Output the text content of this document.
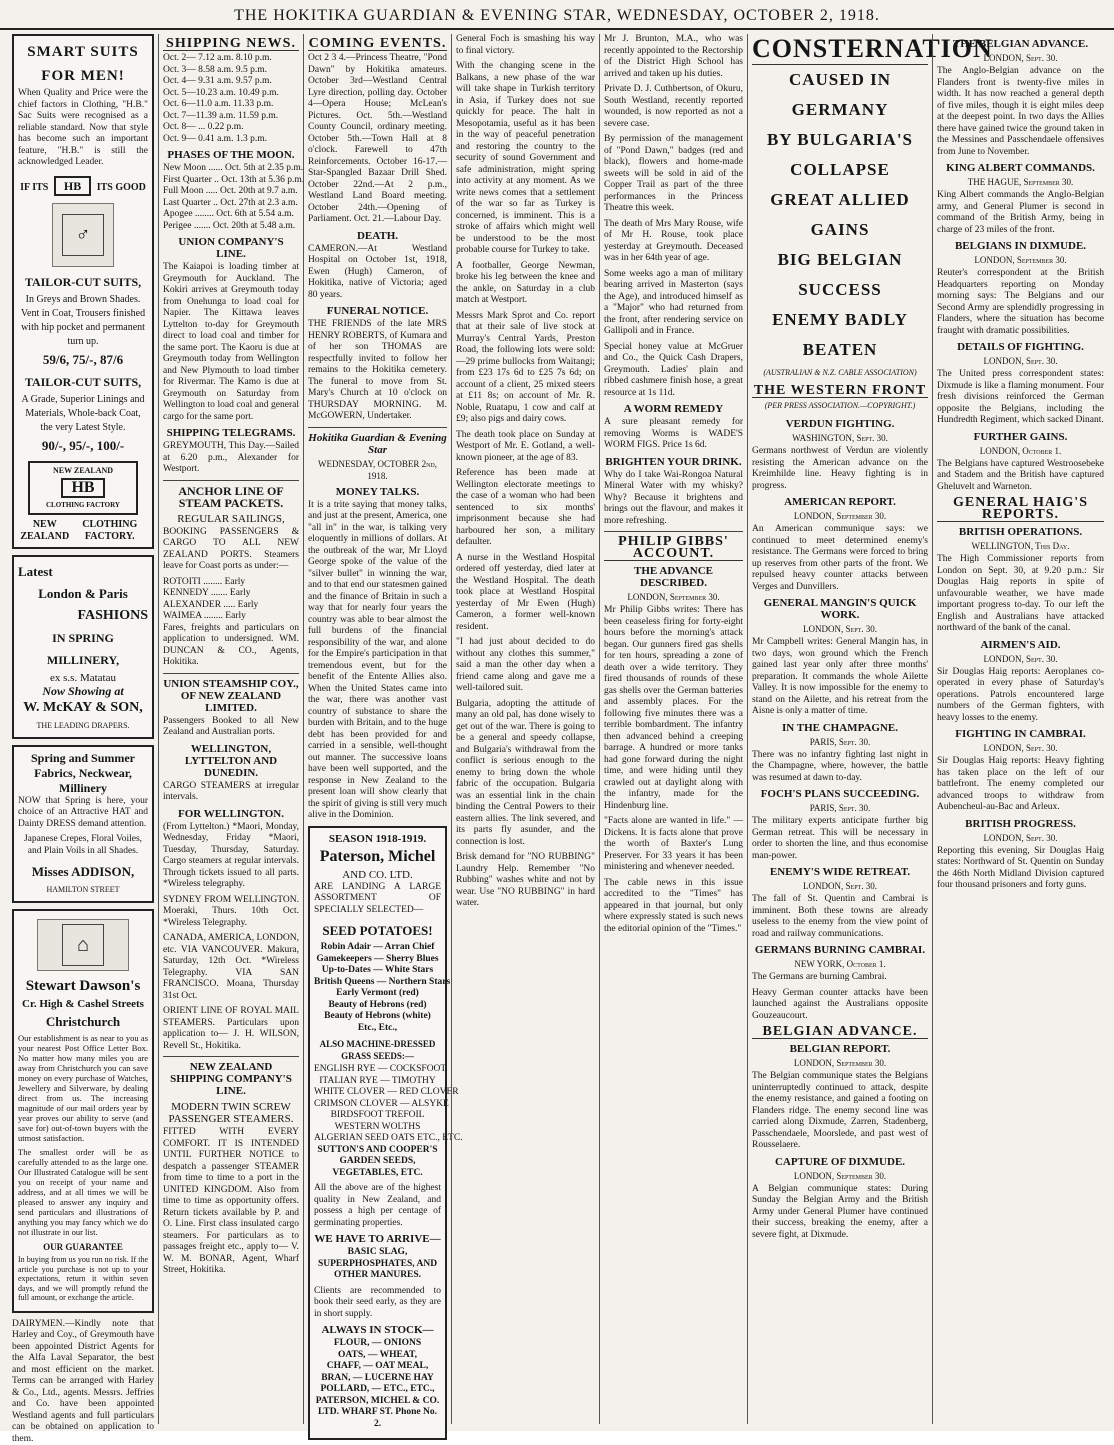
THE HOKITIKA GUARDIAN & EVENING STAR, WEDNESDAY, OCTOBER 2, 1918.
SMART SUITS FOR MEN!
When Quality and Price were the chief factors in Clothing, "H.B." Sac Suits were recognised as a reliable standard. Now that style has become such an important feature, "H.B." is still the acknowledged Leader.
IF ITS HB ITS GOOD
♂
TAILOR-CUT SUITS,
In Greys and Brown Shades. Vent in Coat, Trousers finished with hip pocket and permanent turn up.
59/6, 75/-, 87/6
TAILOR-CUT SUITS,
A Grade, Superior Linings and Materials, Whole-back Coat, the very Latest Style.
90/-, 95/-, 100/-
NEW ZEALAND
HB
CLOTHING FACTORY
NEW ZEALAND
CLOTHING FACTORY.
Latest
London & Paris
FASHIONS
IN SPRING MILLINERY,
ex s.s. Matatau
Now Showing at
W. McKAY & SON,
THE LEADING DRAPERS.
Spring and Summer Fabrics, Neckwear, Millinery
NOW that Spring is here, your choice of an Attractive HAT and Dainty DRESS demand attention.
Japanese Crepes, Floral Voiles, and Plain Voils in all Shades.
Misses ADDISON,
HAMILTON STREET
⌂
Stewart Dawson's
Cr. High & Cashel Streets
Christchurch
Our establishment is as near to you as your nearest Post Office Letter Box. No matter how many miles you are away from Christchurch you can save money on every purchase of Watches, Jewellery and Silverware, by dealing direct from us. The increasing magnitude of our mail orders year by year proves our ability to serve (and save for) out-of-town buyers with the utmost satisfaction.
The smallest order will be as carefully attended to as the large one. Our Illustrated Catalogue will be sent you on receipt of your name and address, and at all times we will be pleased to answer any inquiry and send particulars and illustrations of anything you may fancy which we do not illustrate in our list.
OUR GUARANTEE
In buying from us you run no risk. If the article you purchase is not up to your expectations, return it within seven days, and we will promptly refund the full amount, or exchange the article.
DAIRYMEN.—Kindly note that Harley and Coy., of Greymouth have been appointed District Agents for the Alfa Laval Separator, the best and most efficient on the market. Terms can be arranged with Harley & Co., Ltd., agents. Messrs. Jeffries and Co. have been appointed Westland agents and full particulars can be obtained on application to them.
SHIPPING NEWS.
Oct. 2— 7.12 a.m. 8.10 p.m.
Oct. 3— 8.58 a.m. 9.5 p.m.
Oct. 4— 9.31 a.m. 9.57 p.m.
Oct. 5—10.23 a.m. 10.49 p.m.
Oct. 6—11.0 a.m. 11.33 p.m.
Oct. 7—11.39 a.m. 11.59 p.m.
Oct. 8— ... 0.22 p.m.
Oct. 9— 0.41 a.m. 1.3 p.m.
PHASES OF THE MOON.
New Moon ...... Oct. 5th at 2.35 p.m.
First Quarter .. Oct. 13th at 5.36 p.m.
Full Moon ..... Oct. 20th at 9.7 a.m.
Last Quarter .. Oct. 27th at 2.3 a.m.
Apogee ........ Oct. 6th at 5.54 a.m.
Perigee ....... Oct. 20th at 5.48 a.m.
UNION COMPANY'S LINE.
The Kaiapoi is loading timber at Greymouth for Auckland. The Kokiri arrives at Greymouth today from Onehunga to load coal for Napier. The Kittawa leaves Lyttelton to-day for Greymouth direct to load coal and timber for the same port. The Kaoru is due at Greymouth today from Wellington and New Plymouth to load timber for Rivermar. The Kamo is due at Greymouth on Saturday from Wellington to load coal and general cargo for the same port.
SHIPPING TELEGRAMS.
GREYMOUTH, This Day.—Sailed at 6.20 p.m., Alexander for Westport.
ANCHOR LINE OF STEAM PACKETS.
REGULAR SAILINGS,
BOOKING PASSENGERS & CARGO TO ALL NEW ZEALAND PORTS. Steamers leave for Coast ports as under:—
ROTOITI ........ Early
KENNEDY ....... Early
ALEXANDER ..... Early
WAIMEA ........ Early
Fares, freights and particulars on application to undersigned. WM. DUNCAN & CO., Agents, Hokitika.
UNION STEAMSHIP COY., OF NEW ZEALAND LIMITED.
Passengers Booked to all New Zealand and Australian ports.
WELLINGTON, LYTTELTON AND DUNEDIN.
CARGO STEAMERS at irregular intervals.
FOR WELLINGTON.
(From Lyttelton.) *Maori, Monday, Wednesday, Friday *Maori, Tuesday, Thursday, Saturday. Cargo steamers at regular intervals. Through tickets issued to all parts. *Wireless telegraphy.
SYDNEY FROM WELLINGTON. Moeraki, Thurs. 10th Oct. *Wireless Telegraphy.
CANADA, AMERICA, LONDON, etc. VIA VANCOUVER. Makura, Saturday, 12th Oct. *Wireless Telegraphy. VIA SAN FRANCISCO. Moana, Thursday 31st Oct.
ORIENT LINE OF ROYAL MAIL STEAMERS. Particulars upon application to— J. H. WILSON, Revell St., Hokitika.
NEW ZEALAND SHIPPING COMPANY'S LINE.
MODERN TWIN SCREW PASSENGER STEAMERS.
FITTED WITH EVERY COMFORT. IT IS INTENDED UNTIL FURTHER NOTICE to despatch a passenger STEAMER from time to time to a port in the UNITED KINGDOM. Also from time to time as opportunity offers. Return tickets available by P. and O. Line. First class insulated cargo steamers. For particulars as to passages freight etc., apply to— V. W. M. BONAR, Agent, Wharf Street, Hokitika.
COMING EVENTS.
Oct 2 3 4.—Princess Theatre, "Pond Dawn" by Hokitika amateurs. October 3rd—Westland Central Lyre direction, polling day. October 4—Opera House; McLean's Pictures. Oct. 5th.—Westland County Council, ordinary meeting. October 5th.—Town Hall at 8 o'clock. Farewell to 47th Reinforcements. October 16-17.—Star-Spangled Bazaar Drill Shed. October 22nd.—At 2 p.m., Westland Land Board meeting. October 24th.—Opening of Parliament. Oct. 21.—Labour Day.
DEATH.
CAMERON.—At Westland Hospital on October 1st, 1918, Ewen (Hugh) Cameron, of Hokitika, native of Victoria; aged 80 years.
FUNERAL NOTICE.
THE FRIENDS of the late MRS HENRY ROBERTS, of Kumara and of her son THOMAS are respectfully invited to follow her remains to the Hokitika cemetery. The funeral to move from St. Mary's Church at 10 o'clock on THURSDAY MORNING. M. McGOWERN, Undertaker.
Hokitika Guardian & Evening Star
WEDNESDAY, OCTOBER 2nd, 1918.
MONEY TALKS.
It is a trite saying that money talks, and just at the present, America, one "all in" in the war, is talking very eloquently in millions of dollars. At the outbreak of the war, Mr Lloyd George spoke of the value of the "silver bullet" in winning the war, and to that end our statesmen gained and the finance of Britain in such a way that for nearly four years the country was able to bear almost the full burdens of the financial responsibility of the war, and alone for the Empire's participation in that tremendous event, but for the benefit of the Entente Allies also. When the United States came into the war, there was another vast country of substance to share the burden with Britain, and to the huge debt has been provided for and carried in a sensible, well-thought out manner. The successive loans have been well supported, and the response in New Zealand to the present loan will show clearly that the spirit of giving is still very much alive in the Dominion.
SEASON 1918-1919.
Paterson, Michel
AND CO. LTD.
ARE LANDING A LARGE ASSORTMENT OF SPECIALLY SELECTED—
SEED POTATOES!
Robin Adair — Arran Chief
Gamekeepers — Sherry Blues
Up-to-Dates — White Stars
British Queens — Northern Stars
Early Vermont (red)
Beauty of Hebrons (red)
Beauty of Hebrons (white)
Etc., Etc.,
ALSO MACHINE-DRESSED GRASS SEEDS:—
ENGLISH RYE — COCKSFOOT
ITALIAN RYE — TIMOTHY
WHITE CLOVER — RED CLOVER
CRIMSON CLOVER — ALSYKE
BIRDSFOOT TREFOIL
WESTERN WOLTHS
ALGERIAN SEED OATS ETC., ETC.
SUTTON'S AND COOPER'S GARDEN SEEDS, VEGETABLES, ETC.
All the above are of the highest quality in New Zealand, and possess a high per centage of germinating properties.
WE HAVE TO ARRIVE—
BASIC SLAG, SUPERPHOSPHATES, AND OTHER MANURES.
Clients are recommended to book their seed early, as they are in short supply.
ALWAYS IN STOCK—
FLOUR, — ONIONS
OATS, — WHEAT,
CHAFF, — OAT MEAL,
BRAN, — LUCERNE HAY
POLLARD, — ETC., ETC.,
PATERSON, MICHEL & CO. LTD. WHARF ST. Phone No. 2.
General Foch is smashing his way to final victory.
With the changing scene in the Balkans, a new phase of the war will take shape in Turkish territory in Asia, if Turkey does not sue quickly for peace. The halt in Mesopotamia, useful as it has been in the way of peaceful penetration and restoring the country to the security of sound Government and safe administration, might spring into activity at any moment. As we write news comes that a settlement of the war so far as Turkey is concerned, is imminent. This is a stroke of affairs which might well be understood to be the most probable course for Turkey to take.
A footballer, George Newman, broke his leg between the knee and the ankle, on Saturday in a club match at Westport.
Messrs Mark Sprot and Co. report that at their sale of live stock at Murray's Central Yards, Preston Road, the following lots were sold:—29 prime bullocks from Waitangi; from £23 17s 6d to £25 7s 6d; on account of a client, 25 mixed steers at £11 8s; on account of Mr. R. Noble, Ruatapu, 1 cow and calf at £9; also pigs and dairy cows.
The death took place on Sunday at Westport of Mr. E. Gotland, a well-known pioneer, at the age of 83.
Reference has been made at Wellington electorate meetings to the case of a woman who had been sentenced to six months' imprisonment because she had harboured her son, a military defaulter.
A nurse in the Westland Hospital ordered off yesterday, died later at the Westland Hospital. The death took place at Westland Hospital yesterday of Mr Ewen (Hugh) Cameron, a former well-known resident.
"I had just about decided to do without any clothes this summer," said a man the other day when a friend came along and gave me a well-tailored suit.
Bulgaria, adopting the attitude of many an old pal, has done wisely to get out of the war. There is going to be a general and speedy collapse, and Bulgaria's withdrawal from the conflict is serious enough to the enemy to bring down the whole fabric of the occupation. Bulgaria was an essential link in the chain binding the Central Powers to their eastern allies. The link severed, and its parts fly asunder, and the connection is lost.
Brisk demand for "NO RUBBING" Laundry Help. Remember "No Rubbing" washes white and not by wear. Use "NO RUBBING" in hard water.
Mr J. Brunton, M.A., who was recently appointed to the Rectorship of the District High School has arrived and taken up his duties.
Private D. J. Cuthbertson, of Okuru, South Westland, recently reported wounded, is now reported as not a severe case.
By permission of the management of "Pond Dawn," badges (red and black), flowers and home-made sweets will be sold in aid of the Copper Trail as part of the three performances in the Princess Theatre this week.
The death of Mrs Mary Rouse, wife of Mr H. Rouse, took place yesterday at Greymouth. Deceased was in her 64th year of age.
Some weeks ago a man of military bearing arrived in Masterton (says the Age), and introduced himself as a "Major" who had returned from the front, after rendering service on Gallipoli and in France.
Special honey value at McGruer and Co., the Quick Cash Drapers, Greymouth. Ladies' plain and ribbed cashmere finish hose, a great resource at 1s 11d.
A WORM REMEDY
A sure pleasant remedy for removing Worms is WADE'S WORM FIGS. Price 1s 6d.
BRIGHTEN YOUR DRINK.
Why do I take Wai-Rongoa Natural Mineral Water with my whisky? Why? Because it brightens and brings out the flavour, and makes it more refreshing.
PHILIP GIBBS' ACCOUNT.
THE ADVANCE DESCRIBED.
LONDON, September 30.
Mr Philip Gibbs writes: There has been ceaseless firing for forty-eight hours before the morning's attack began. Our gunners fired gas shells for ten hours, spreading a zone of death over a wide territory. They fired thousands of rounds of these gas shells over the German batteries and assembly places. For the following five minutes there was a terrible bombardment. The infantry then advanced behind a creeping barrage. A hundred or more tanks had gone forward during the night time, and were hiding until they crawled out at daylight along with the infantry, made for the Hindenburg line.
"Facts alone are wanted in life." —Dickens. It is facts alone that prove the worth of Baxter's Lung Preserver. For 33 years it has been ministering and whenever needed.
The cable news in this issue accredited to the "Times" has appeared in that journal, but only where expressly stated is such news the editorial opinion of the "Times."
CONSTERNATION
CAUSED IN GERMANY
BY BULGARIA'S COLLAPSE
GREAT ALLIED GAINS
BIG BELGIAN SUCCESS
ENEMY BADLY BEATEN
(AUSTRALIAN & N.Z. CABLE ASSOCIATION)
THE WESTERN FRONT
(PER PRESS ASSOCIATION.—COPYRIGHT.)
VERDUN FIGHTING.
WASHINGTON, Sept. 30.
Germans northwest of Verdun are violently resisting the American advance on the Kreimhilde line. Heavy fighting is in progress.
AMERICAN REPORT.
LONDON, September 30.
An American communique says: we continued to meet determined enemy's resistance. The Germans were forced to bring up reserves from other parts of the front. We repulsed heavy counter attacks between Verges and Dunvillers.
GENERAL MANGIN'S QUICK WORK.
LONDON, Sept. 30.
Mr Campbell writes: General Mangin has, in two days, won ground which the French gained last year only after three months' preparation. It commands the whole Ailette Valley. It is now impossible for the enemy to stand on the Ailette, and his retreat from the Aisne is only a matter of time.
IN THE CHAMPAGNE.
PARIS, Sept. 30.
There was no infantry fighting last night in the Champagne, where, however, the battle was resumed at dawn to-day.
FOCH'S PLANS SUCCEEDING.
PARIS, Sept. 30.
The military experts anticipate further big German retreat. This will be necessary in order to shorten the line, and thus economise man-power.
ENEMY'S WIDE RETREAT.
LONDON, Sept. 30.
The fall of St. Quentin and Cambrai is imminent. Both these towns are already useless to the enemy from the view point of road and railway communications.
GERMANS BURNING CAMBRAI.
NEW YORK, October 1.
The Germans are burning Cambrai.
Heavy German counter attacks have been launched against the Australians opposite Gouzeaucourt.
BELGIAN ADVANCE.
BELGIAN REPORT.
LONDON, September 30.
The Belgian communique states the Belgians uninterruptedly continued to attack, despite the enemy resistance, and gained a footing on Flanders ridge. The enemy second line was carried along Dixmude, Zarren, Stadenberg, Passchendaele, Moorslede, and past west of Rousselaere.
CAPTURE OF DIXMUDE.
LONDON, September 30.
A Belgian communique states: During Sunday the Belgian Army and the British Army under General Plumer have continued their success, breaking the enemy, after a severe fight, at Dixmude.
THE BELGIAN ADVANCE.
LONDON, Sept. 30.
The Anglo-Belgian advance on the Flanders front is twenty-five miles in width. It has now reached a general depth of five miles, though it is eight miles deep at the deepest point. In two days the Allies there have gained twice the ground taken in the Messines and Passchendaele offensives from June to November.
KING ALBERT COMMANDS.
THE HAGUE, September 30.
King Albert commands the Anglo-Belgian army, and General Plumer is second in command of the British Army, being in charge of 23 miles of the front.
BELGIANS IN DIXMUDE.
LONDON, September 30.
Reuter's correspondent at the British Headquarters reporting on Monday morning says: The Belgians and our Second Army are splendidly progressing in Flanders, where the situation has become fraught with dramatic possibilities.
DETAILS OF FIGHTING.
LONDON, Sept. 30.
The United press correspondent states: Dixmude is like a flaming monument. Four fresh divisions reinforced the German opposite the Belgians, including the Hundredth Regiment, which sacked Dinant.
FURTHER GAINS.
LONDON, October 1.
The Belgians have captured Westroosebeke and Stadem and the British have captured Gheluvelt and Warneton.
GENERAL HAIG'S REPORTS.
BRITISH OPERATIONS.
WELLINGTON, This Day.
The High Commissioner reports from London on Sept. 30, at 9.20 p.m.: Sir Douglas Haig reports in spite of unfavourable weather, we have made important progress to-day. To our left the English and Australians have attacked northward of the bank of the canal.
AIRMEN'S AID.
LONDON, Sept. 30.
Sir Douglas Haig reports: Aeroplanes co-operated in every phase of Saturday's operations. Patrols encountered large numbers of the German fighters, with heavy losses to the enemy.
FIGHTING IN CAMBRAI.
LONDON, Sept. 30.
Sir Douglas Haig reports: Heavy fighting has taken place on the left of our battlefront. The enemy completed our advanced troops to withdraw from Aubencheul-au-Bac and Arleux.
BRITISH PROGRESS.
LONDON, Sept. 30.
Reporting this evening, Sir Douglas Haig states: Northward of St. Quentin on Sunday the 46th North Midland Division captured four thousand prisoners and forty guns.
